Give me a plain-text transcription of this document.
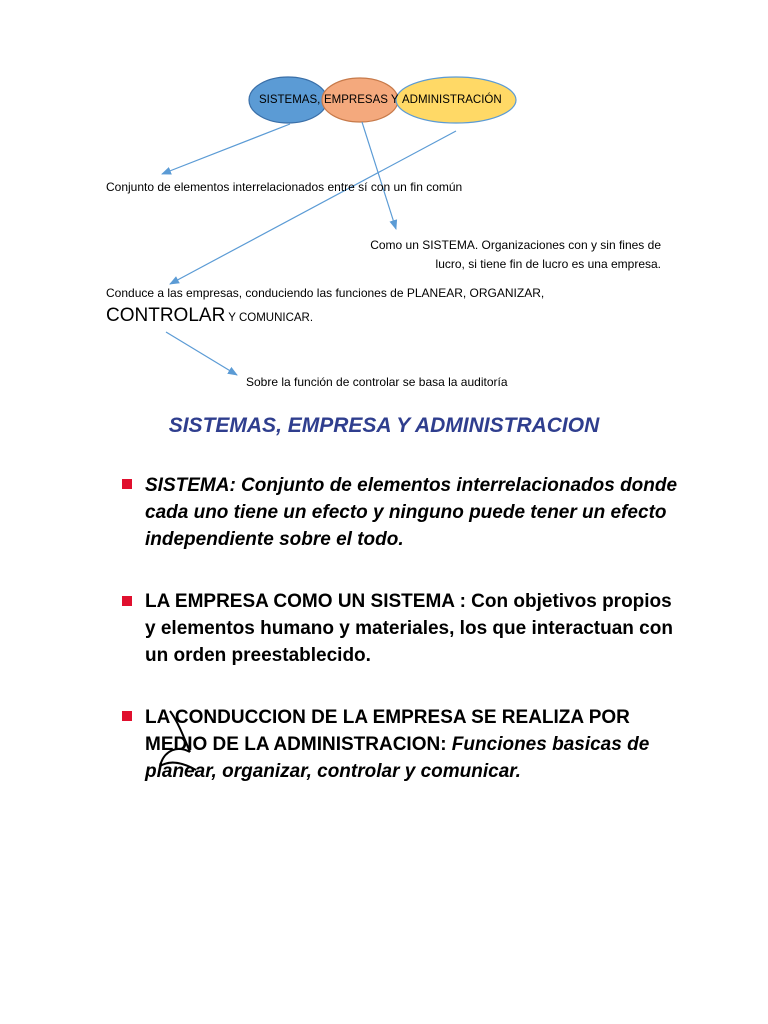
SISTEMAS, EMPRESAS Y ADMINISTRACIÓN
Conjunto de elementos interrelacionados entre sí con un fin común
Como un SISTEMA. Organizaciones con y sin fines de
lucro, si tiene fin de lucro es una empresa.
Conduce a las empresas, conduciendo las funciones de PLANEAR, ORGANIZAR,
CONTROLAR Y COMUNICAR.
Sobre la función de controlar se basa la auditoría
SISTEMAS, EMPRESA Y ADMINISTRACION
SISTEMA: Conjunto de elementos interrelacionados donde cada uno tiene un efecto y ninguno puede tener un efecto independiente sobre el todo.
LA EMPRESA COMO UN SISTEMA : Con objetivos propios y elementos humano y materiales, los que interactuan con un orden preestablecido.
LA CONDUCCION DE LA EMPRESA SE REALIZA POR MEDIO DE LA ADMINISTRACION: Funciones basicas de planear, organizar, controlar y comunicar.
